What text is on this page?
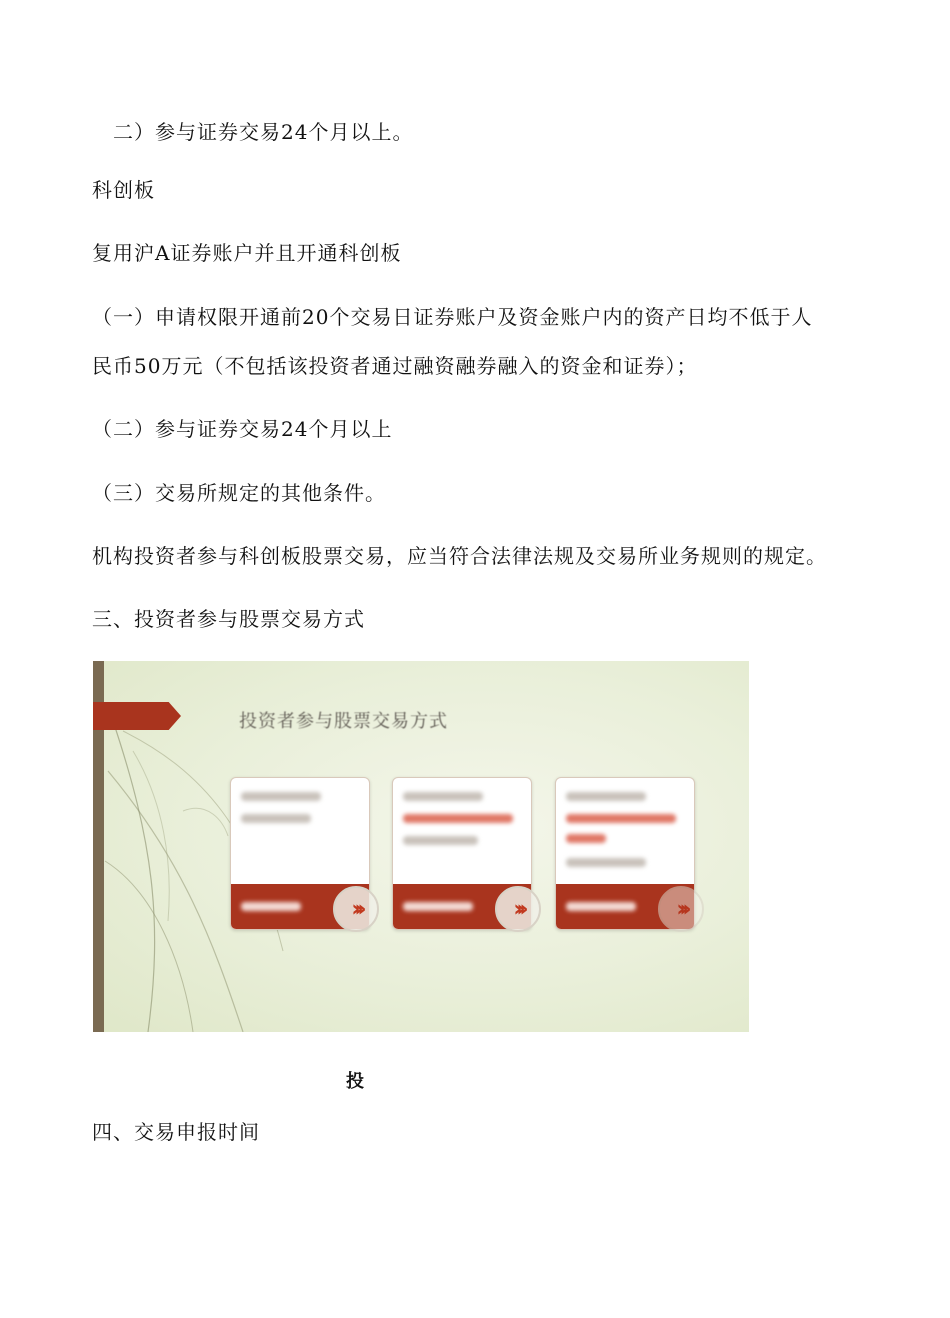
二）参与证券交易24个月以上。
科创板
复用沪A证券账户并且开通科创板
（一）申请权限开通前20个交易日证券账户及资金账户内的资产日均不低于人
民币50万元（不包括该投资者通过融资融券融入的资金和证券）；
（二）参与证券交易24个月以上
（三）交易所规定的其他条件。
机构投资者参与科创板股票交易，应当符合法律法规及交易所业务规则的规定。
三、投资者参与股票交易方式
投资者参与股票交易方式
›››	›››	›››
投
四、交易申报时间
